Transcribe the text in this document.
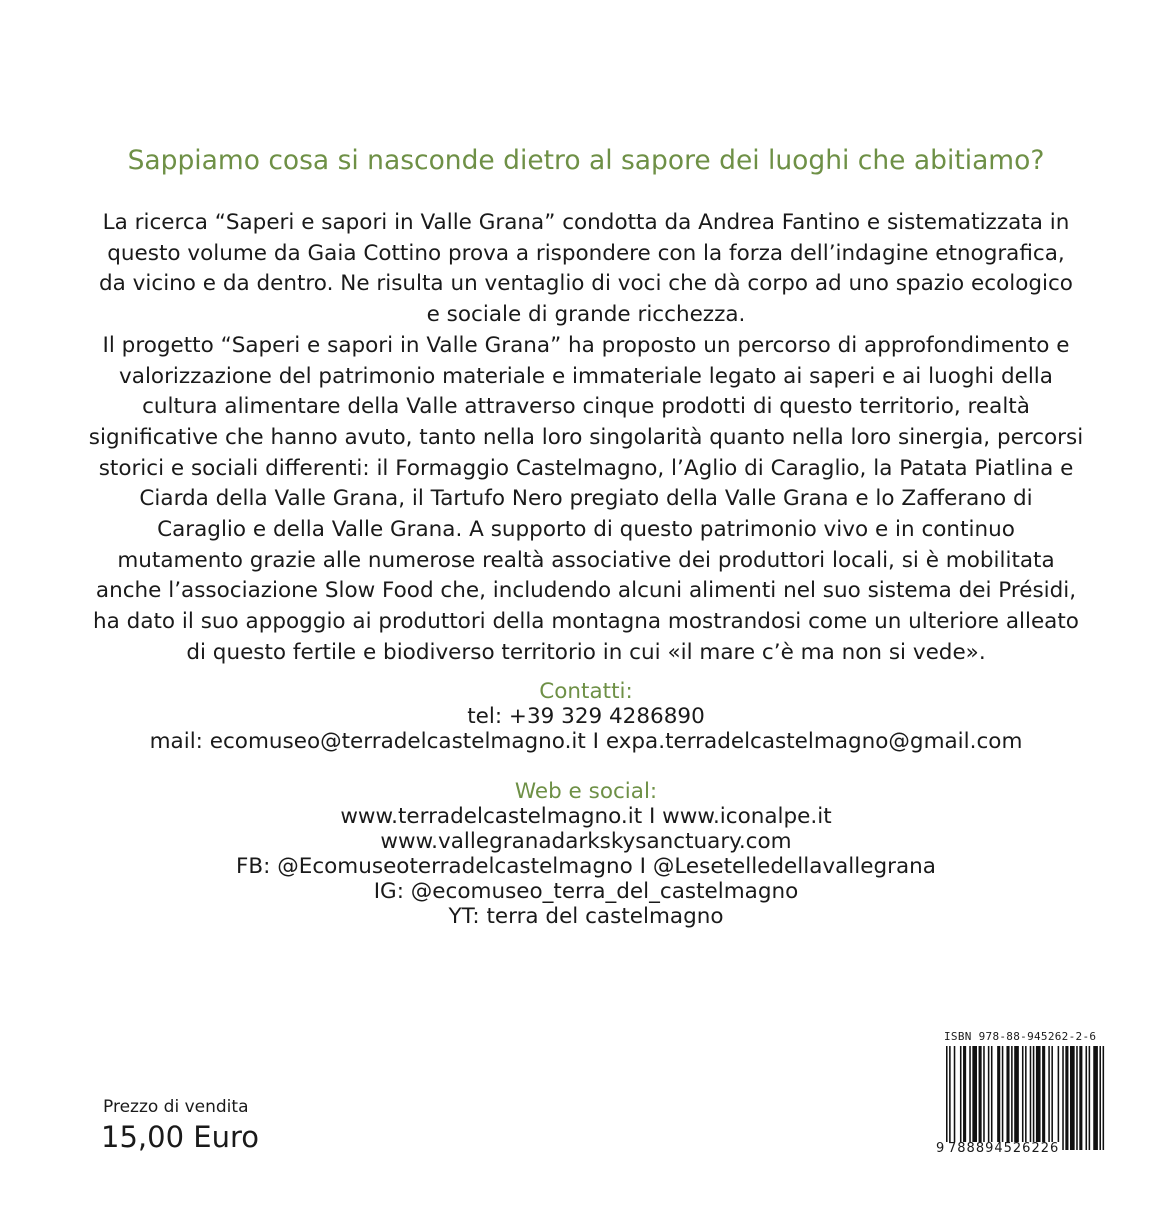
Sappiamo cosa si nasconde dietro al sapore dei luoghi che abitiamo?
La ricerca “Saperi e sapori in Valle Grana” condotta da Andrea Fantino e sistematizzata in
questo volume da Gaia Cottino prova a rispondere con la forza dell’indagine etnografica,
da vicino e da dentro. Ne risulta un ventaglio di voci che dà corpo ad uno spazio ecologico
e sociale di grande ricchezza.
Il progetto “Saperi e sapori in Valle Grana” ha proposto un percorso di approfondimento e
valorizzazione del patrimonio materiale e immateriale legato ai saperi e ai luoghi della
cultura alimentare della Valle attraverso cinque prodotti di questo territorio, realtà
significative che hanno avuto, tanto nella loro singolarità quanto nella loro sinergia, percorsi
storici e sociali differenti: il Formaggio Castelmagno, l’Aglio di Caraglio, la Patata Piatlina e
Ciarda della Valle Grana, il Tartufo Nero pregiato della Valle Grana e lo Zafferano di
Caraglio e della Valle Grana. A supporto di questo patrimonio vivo e in continuo
mutamento grazie alle numerose realtà associative dei produttori locali, si è mobilitata
anche l’associazione Slow Food che, includendo alcuni alimenti nel suo sistema dei Présidi,
ha dato il suo appoggio ai produttori della montagna mostrandosi come un ulteriore alleato
di questo fertile e biodiverso territorio in cui «il mare c’è ma non si vede».
Contatti:
tel: +39 329 4286890
mail: ecomuseo@terradelcastelmagno.it I expa.terradelcastelmagno@gmail.com
Web e social:
www.terradelcastelmagno.it I www.iconalpe.it
www.vallegranadarkskysanctuary.com
FB: @Ecomuseoterradelcastelmagno I @Lesetelledellavallegrana
IG: @ecomuseo_terra_del_castelmagno
YT: terra del castelmagno
Prezzo di vendita
15,00 Euro
ISBN 978-88-945262-2-6
9 788894526226
